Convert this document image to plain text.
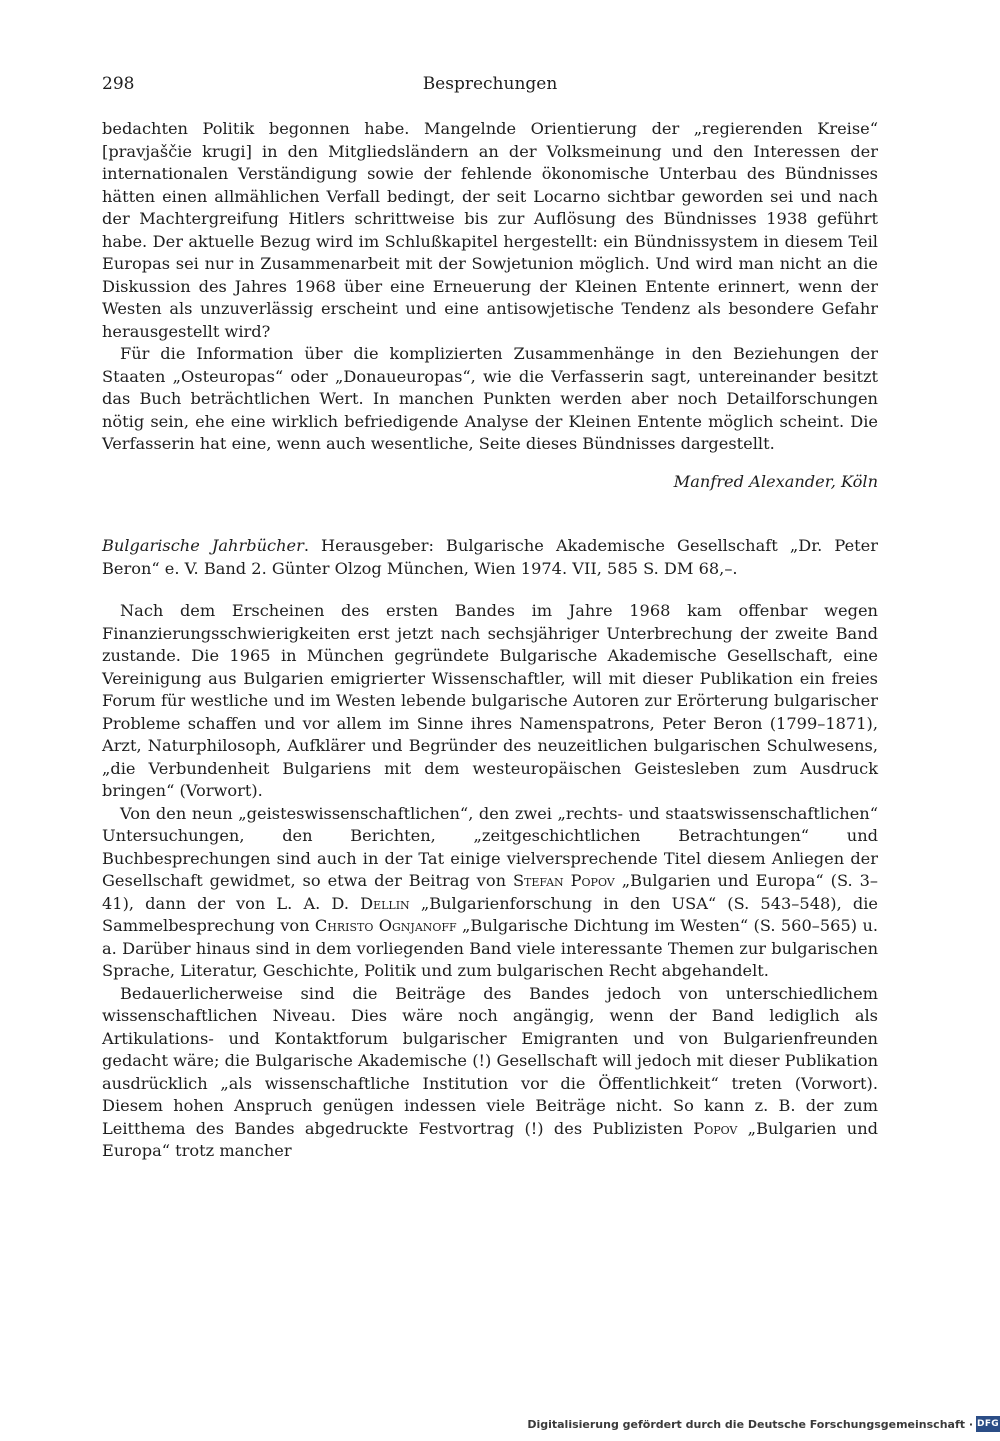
298	Besprechungen

bedachten Politik begonnen habe. Mangelnde Orientierung der „regierenden Kreise“ [pravjaščie krugi] in den Mitgliedsländern an der Volksmeinung und den Interessen der internationalen Verständigung sowie der fehlende ökonomische Unterbau des Bündnisses hätten einen allmählichen Verfall bedingt, der seit Locarno sichtbar geworden sei und nach der Machtergreifung Hitlers schrittweise bis zur Auflösung des Bündnisses 1938 geführt habe. Der aktuelle Bezug wird im Schlußkapitel hergestellt: ein Bündnissystem in diesem Teil Europas sei nur in Zusammenarbeit mit der Sowjetunion möglich. Und wird man nicht an die Diskussion des Jahres 1968 über eine Erneuerung der Kleinen Entente erinnert, wenn der Westen als unzuverlässig erscheint und eine antisowjetische Tendenz als besondere Gefahr herausgestellt wird?

Für die Information über die komplizierten Zusammenhänge in den Beziehungen der Staaten „Osteuropas“ oder „Donaueuropas“, wie die Verfasserin sagt, untereinander besitzt das Buch beträchtlichen Wert. In manchen Punkten werden aber noch Detailforschungen nötig sein, ehe eine wirklich befriedigende Analyse der Kleinen Entente möglich scheint. Die Verfasserin hat eine, wenn auch wesentliche, Seite dieses Bündnisses dargestellt.

Manfred Alexander, Köln

Bulgarische Jahrbücher. Herausgeber: Bulgarische Akademische Gesellschaft „Dr. Peter Beron“ e. V. Band 2. Günter Olzog München, Wien 1974. VII, 585 S. DM 68,–.

Nach dem Erscheinen des ersten Bandes im Jahre 1968 kam offenbar wegen Finanzierungsschwierigkeiten erst jetzt nach sechsjähriger Unterbrechung der zweite Band zustande. Die 1965 in München gegründete Bulgarische Akademische Gesellschaft, eine Vereinigung aus Bulgarien emigrierter Wissenschaftler, will mit dieser Publikation ein freies Forum für westliche und im Westen lebende bulgarische Autoren zur Erörterung bulgarischer Probleme schaffen und vor allem im Sinne ihres Namenspatrons, Peter Beron (1799–1871), Arzt, Naturphilosoph, Aufklärer und Begründer des neuzeitlichen bulgarischen Schulwesens, „die Verbundenheit Bulgariens mit dem westeuropäischen Geistesleben zum Ausdruck bringen“ (Vorwort).

Von den neun „geisteswissenschaftlichen“, den zwei „rechts- und staatswissenschaftlichen“ Untersuchungen, den Berichten, „zeitgeschichtlichen Betrachtungen“ und Buchbesprechungen sind auch in der Tat einige vielversprechende Titel diesem Anliegen der Gesellschaft gewidmet, so etwa der Beitrag von Stefan Popov „Bulgarien und Europa“ (S. 3–41), dann der von L. A. D. Dellin „Bulgarienforschung in den USA“ (S. 543–548), die Sammelbesprechung von Christo Ognjanoff „Bulgarische Dichtung im Westen“ (S. 560–565) u. a. Darüber hinaus sind in dem vorliegenden Band viele interessante Themen zur bulgarischen Sprache, Literatur, Geschichte, Politik und zum bulgarischen Recht abgehandelt.

Bedauerlicherweise sind die Beiträge des Bandes jedoch von unterschiedlichem wissenschaftlichen Niveau. Dies wäre noch angängig, wenn der Band lediglich als Artikulations- und Kontaktforum bulgarischer Emigranten und von Bulgarienfreunden gedacht wäre; die Bulgarische Akademische (!) Gesellschaft will jedoch mit dieser Publikation ausdrücklich „als wissenschaftliche Institution vor die Öffentlichkeit“ treten (Vorwort). Diesem hohen Anspruch genügen indessen viele Beiträge nicht. So kann z. B. der zum Leitthema des Bandes abgedruckte Festvortrag (!) des Publizisten Popov „Bulgarien und Europa“ trotz mancher

Digitalisierung gefördert durch die Deutsche Forschungsgemeinschaft · DFG
